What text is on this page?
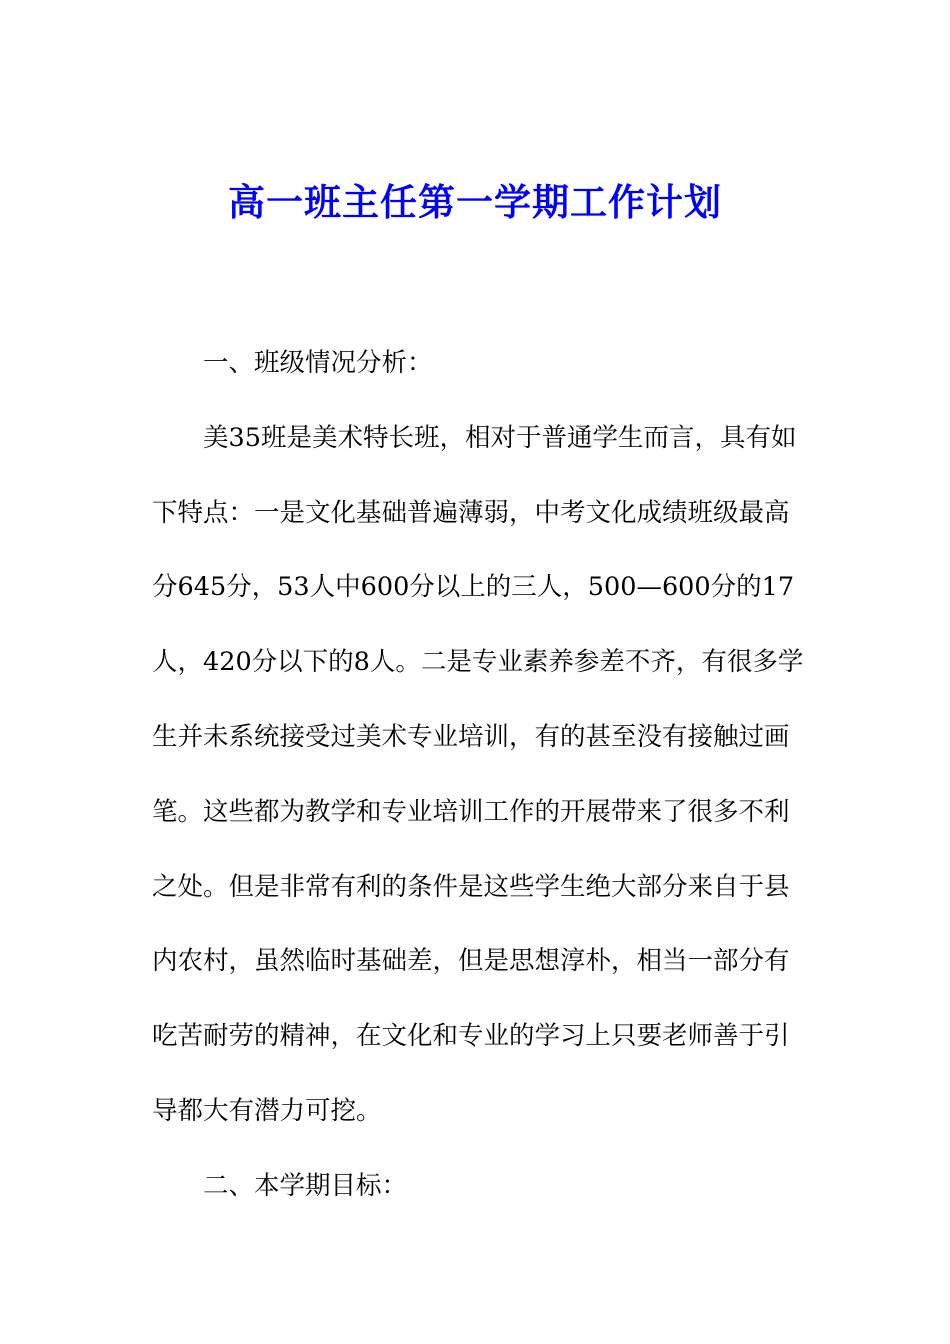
高一班主任第一学期工作计划
一、班级情况分析：
美35班是美术特长班，相对于普通学生而言，具有如
下特点：一是文化基础普遍薄弱，中考文化成绩班级最高
分645分，53人中600分以上的三人，500—600分的17
人，420分以下的8人。二是专业素养参差不齐，有很多学
生并未系统接受过美术专业培训，有的甚至没有接触过画
笔。这些都为教学和专业培训工作的开展带来了很多不利
之处。但是非常有利的条件是这些学生绝大部分来自于县
内农村，虽然临时基础差，但是思想淳朴，相当一部分有
吃苦耐劳的精神，在文化和专业的学习上只要老师善于引
导都大有潜力可挖。
二、本学期目标：
